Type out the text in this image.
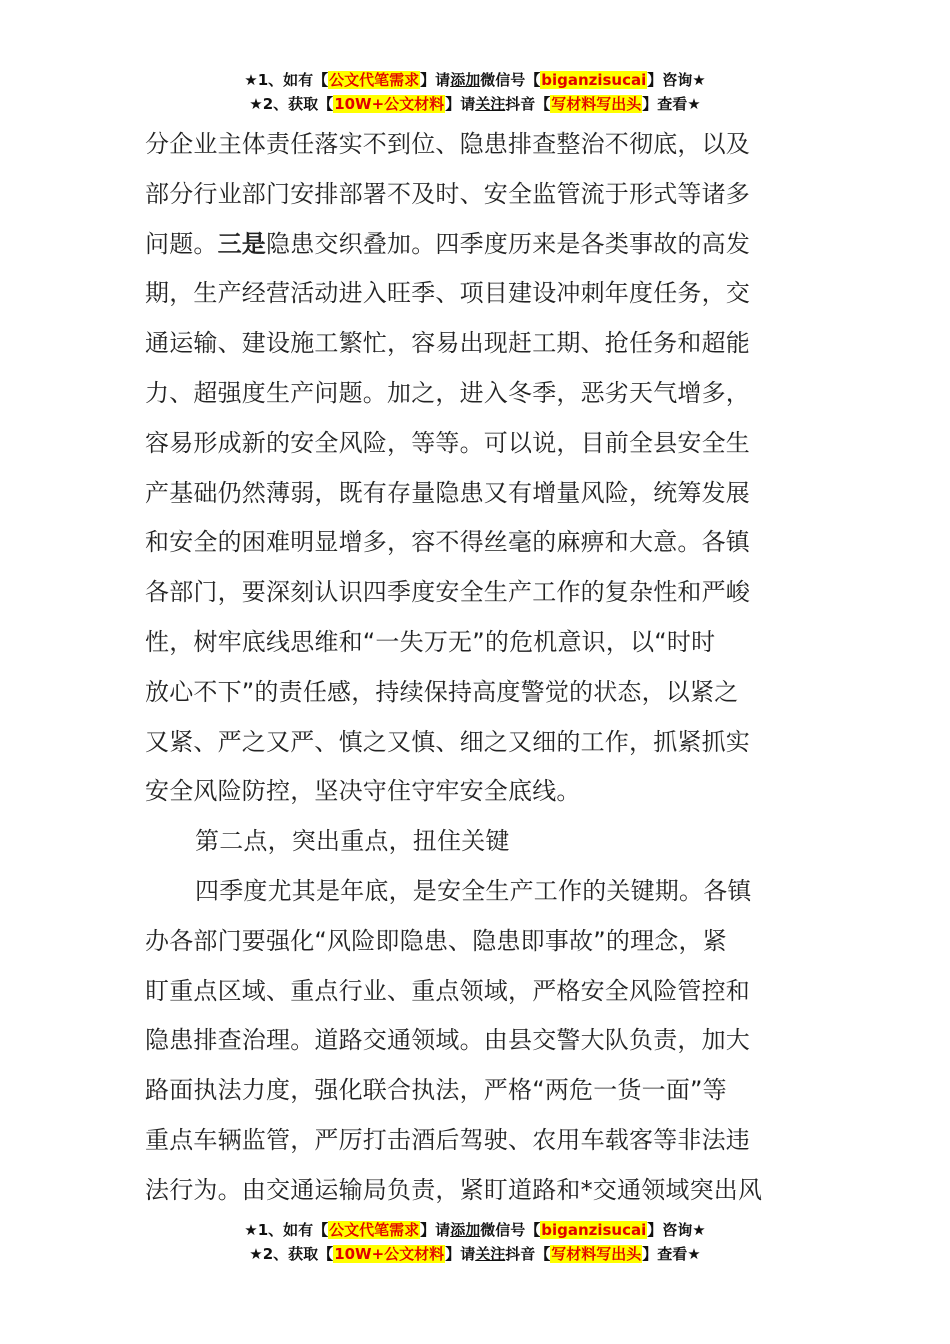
★1、如有【公文代笔需求】请添加微信号【biganzisucai】咨询★
★2、获取【10W+公文材料】请关注抖音【写材料写出头】查看★
分企业主体责任落实不到位、隐患排查整治不彻底，以及
部分行业部门安排部署不及时、安全监管流于形式等诸多
问题。三是隐患交织叠加。四季度历来是各类事故的高发
期，生产经营活动进入旺季、项目建设冲刺年度任务，交
通运输、建设施工繁忙，容易出现赶工期、抢任务和超能
力、超强度生产问题。加之，进入冬季，恶劣天气增多，
容易形成新的安全风险，等等。可以说，目前全县安全生
产基础仍然薄弱，既有存量隐患又有增量风险，统筹发展
和安全的困难明显增多，容不得丝毫的麻痹和大意。各镇
各部门，要深刻认识四季度安全生产工作的复杂性和严峻
性，树牢底线思维和“一失万无”的危机意识，以“时时
放心不下”的责任感，持续保持高度警觉的状态，以紧之
又紧、严之又严、慎之又慎、细之又细的工作，抓紧抓实
安全风险防控，坚决守住守牢安全底线。
第二点，突出重点，扭住关键
四季度尤其是年底，是安全生产工作的关键期。各镇
办各部门要强化“风险即隐患、隐患即事故”的理念，紧
盯重点区域、重点行业、重点领域，严格安全风险管控和
隐患排查治理。道路交通领域。由县交警大队负责，加大
路面执法力度，强化联合执法，严格“两危一货一面”等
重点车辆监管，严厉打击酒后驾驶、农用车载客等非法违
法行为。由交通运输局负责，紧盯道路和*交通领域突出风
★1、如有【公文代笔需求】请添加微信号【biganzisucai】咨询★
★2、获取【10W+公文材料】请关注抖音【写材料写出头】查看★
